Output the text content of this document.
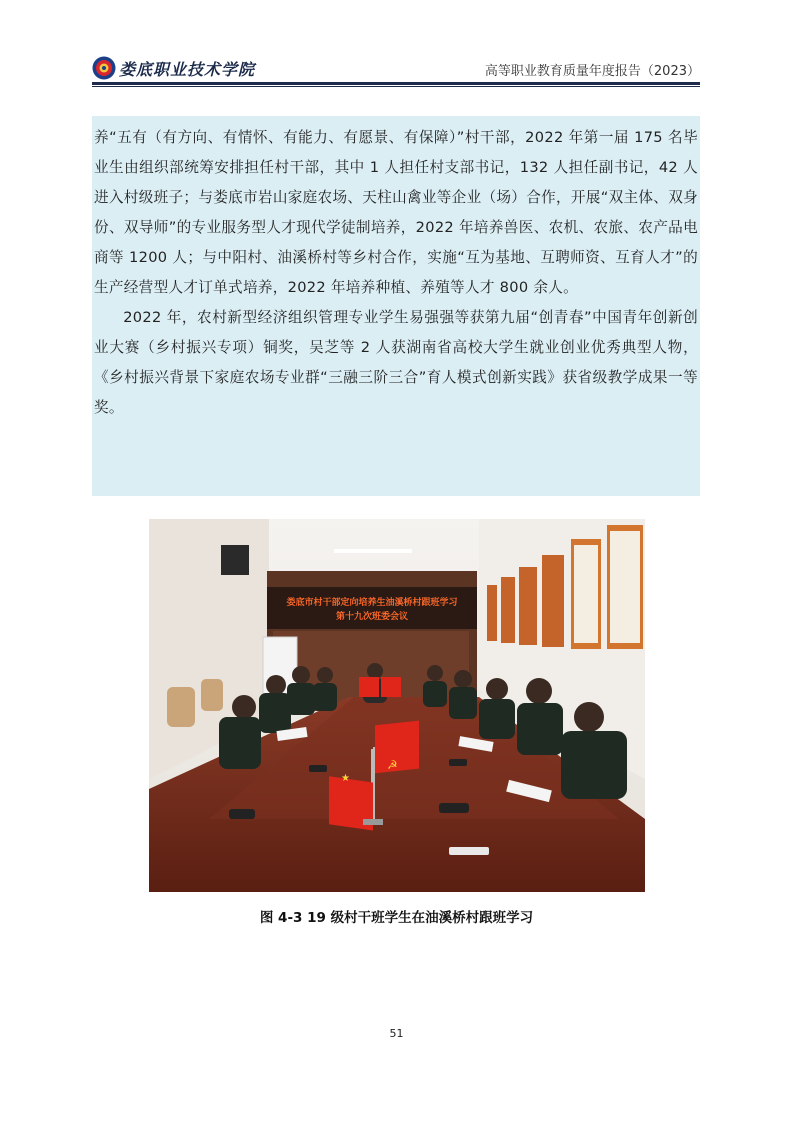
娄底职业技术学院	高等职业教育质量年度报告（2023）

养“五有（有方向、有情怀、有能力、有愿景、有保障）”村干部，2022 年第一届 175 名毕业生由组织部统筹安排担任村干部，其中 1 人担任村支部书记，132 人担任副书记，42 人进入村级班子；与娄底市岩山家庭农场、天柱山禽业等企业（场）合作，开展“双主体、双身份、双导师”的专业服务型人才现代学徒制培养，2022 年培养兽医、农机、农旅、农产品电商等 1200 人；与中阳村、油溪桥村等乡村合作，实施“互为基地、互聘师资、互育人才”的生产经营型人才订单式培养，2022 年培养种植、养殖等人才 800 余人。

2022 年，农村新型经济组织管理专业学生易强强等获第九届“创青春”中国青年创新创业大赛（乡村振兴专项）铜奖，吴芝等 2 人获湖南省高校大学生就业创业优秀典型人物，《乡村振兴背景下家庭农场专业群“三融三阶三合”育人模式创新实践》获省级教学成果一等奖。

娄底市村干部定向培养生油溪桥村跟班学习
第十九次班委会议
★
☭
图 4-3 19 级村干班学生在油溪桥村跟班学习
51
